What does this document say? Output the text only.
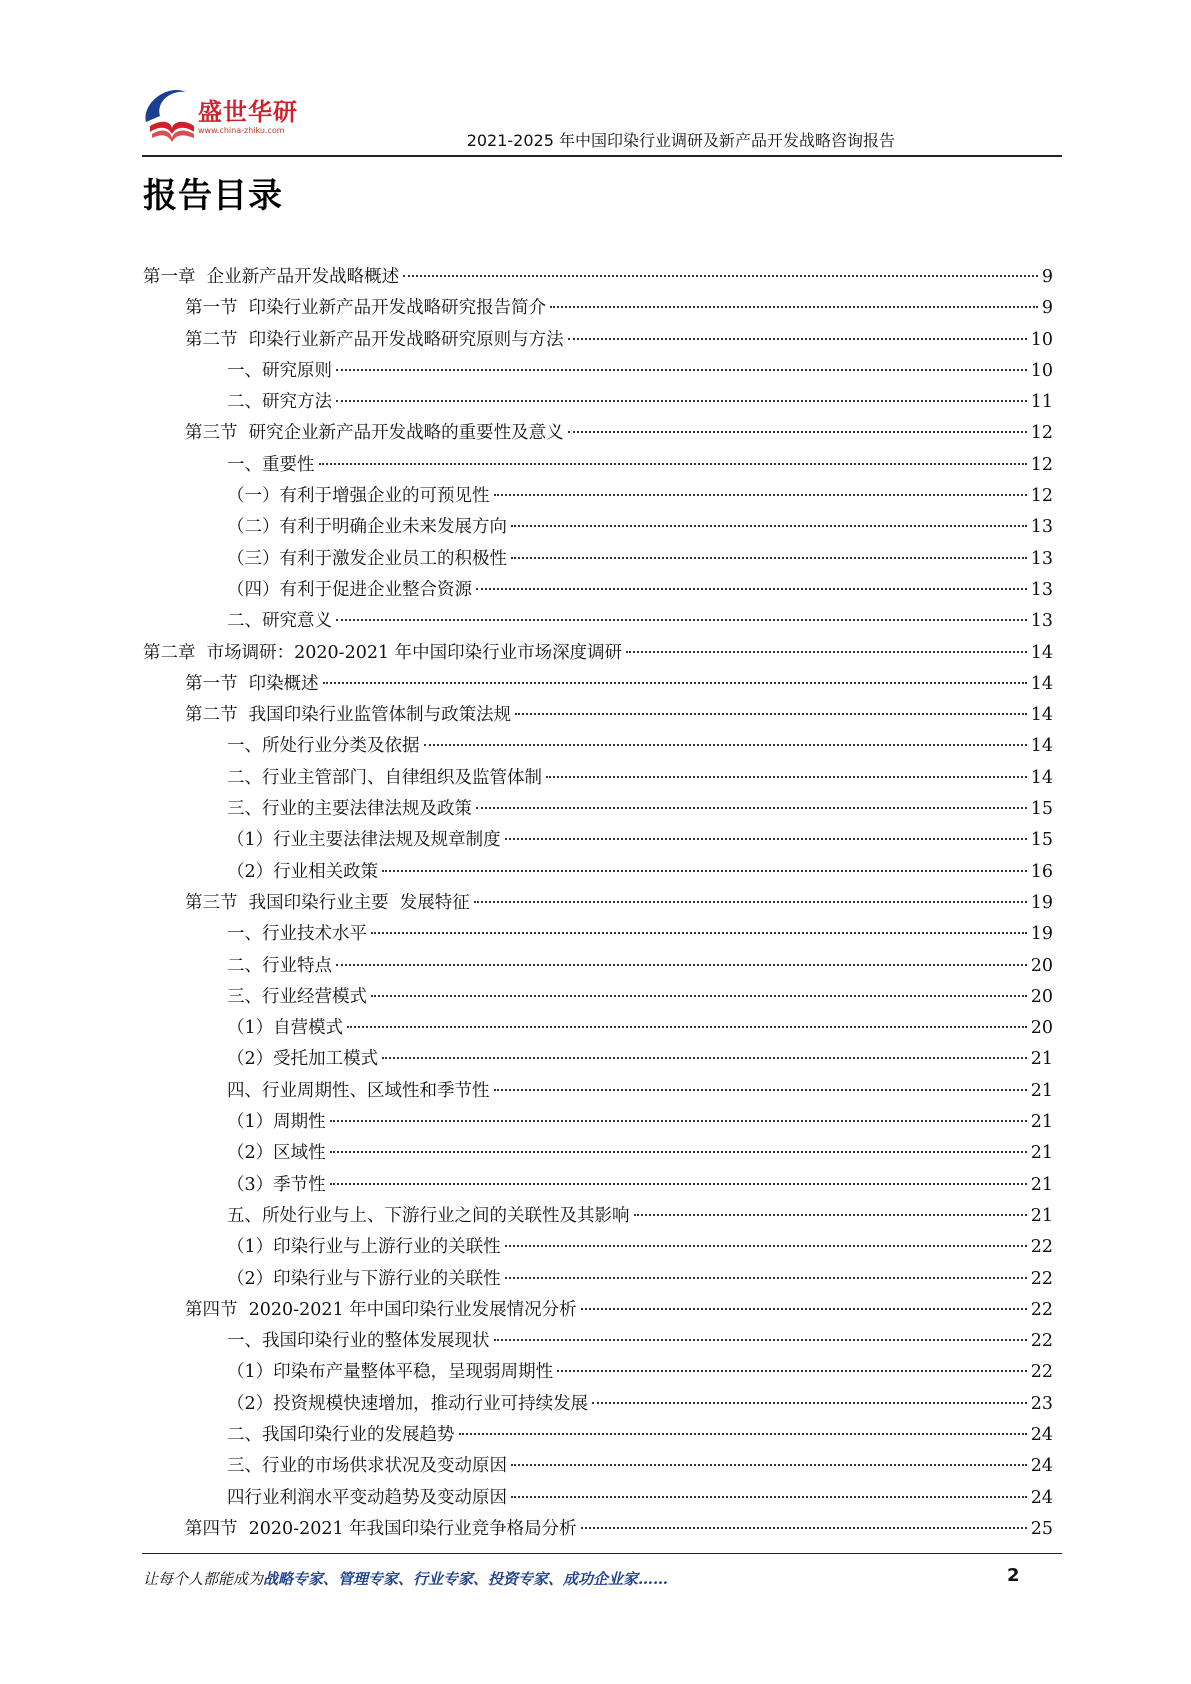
盛世华研
www.china-zhiku.com
2021-2025 年中国印染行业调研及新产品开发战略咨询报告
报告目录
第一章  企业新产品开发战略概述	9
第一节  印染行业新产品开发战略研究报告简介	9
第二节  印染行业新产品开发战略研究原则与方法	10
一、研究原则	10
二、研究方法	11
第三节  研究企业新产品开发战略的重要性及意义	12
一、重要性	12
（一）有利于增强企业的可预见性	12
（二）有利于明确企业未来发展方向	13
（三）有利于激发企业员工的积极性	13
（四）有利于促进企业整合资源	13
二、研究意义	13
第二章  市场调研：2020-2021 年中国印染行业市场深度调研	14
第一节  印染概述	14
第二节  我国印染行业监管体制与政策法规	14
一、所处行业分类及依据	14
二、行业主管部门、自律组织及监管体制	14
三、行业的主要法律法规及政策	15
（1）行业主要法律法规及规章制度	15
（2）行业相关政策	16
第三节  我国印染行业主要  发展特征	19
一、行业技术水平	19
二、行业特点	20
三、行业经营模式	20
（1）自营模式	20
（2）受托加工模式	21
四、行业周期性、区域性和季节性	21
（1）周期性	21
（2）区域性	21
（3）季节性	21
五、所处行业与上、下游行业之间的关联性及其影响	21
（1）印染行业与上游行业的关联性	22
（2）印染行业与下游行业的关联性	22
第四节  2020-2021 年中国印染行业发展情况分析	22
一、我国印染行业的整体发展现状	22
（1）印染布产量整体平稳，呈现弱周期性	22
（2）投资规模快速增加，推动行业可持续发展	23
二、我国印染行业的发展趋势	24
三、行业的市场供求状况及变动原因	24
四行业利润水平变动趋势及变动原因	24
第四节  2020-2021 年我国印染行业竞争格局分析	25
让每个人都能成为战略专家、管理专家、行业专家、投资专家、成功企业家……	2
